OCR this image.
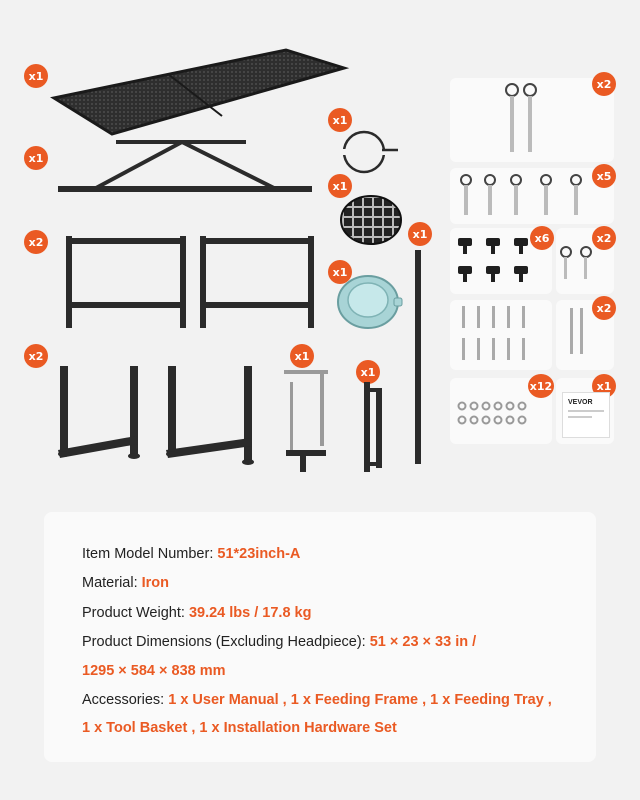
x1
x1
x2
x2
x1
x1
x1
x1
x1
x1
x2
x5
x6	x2
x2
x12	x1
VEVOR
Item Model Number: 51*23inch-A
Material: Iron
Product Weight: 39.24 lbs / 17.8 kg
Product Dimensions (Excluding Headpiece): 51 × 23 × 33 in /
1295 × 584 × 838 mm
Accessories: 1 x User Manual , 1 x Feeding Frame , 1 x Feeding Tray ,
1 x Tool Basket , 1 x Installation Hardware Set
